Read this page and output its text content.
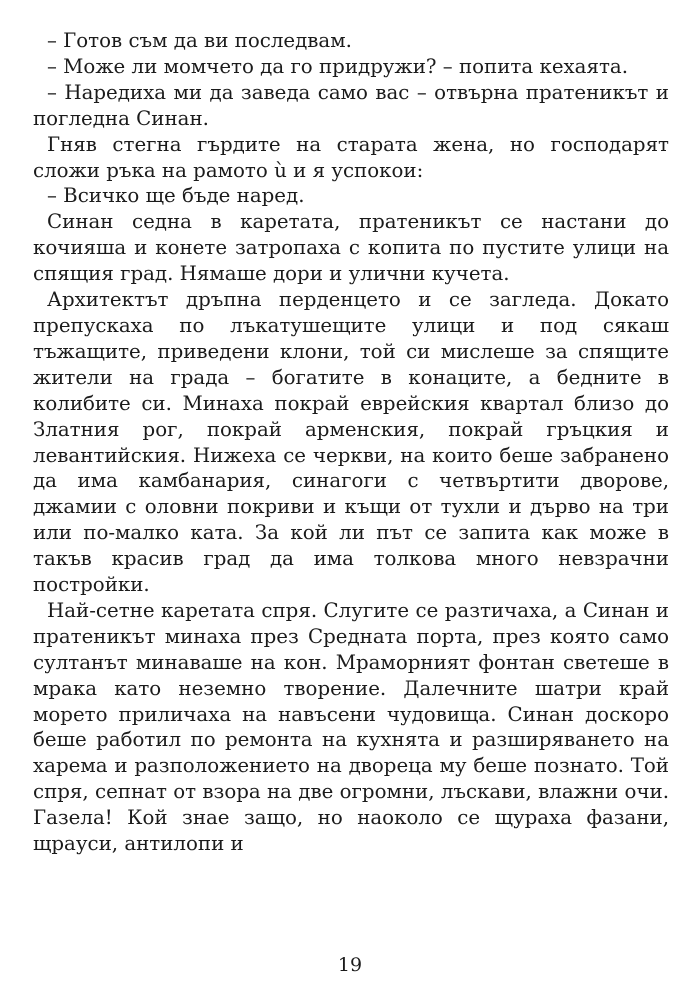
– Готов съм да ви последвам.

– Може ли момчето да го придружи? – попита кехаята.

– Наредиха ми да заведа само вас – отвърна пратеникът и погледна Синан.

Гняв стегна гърдите на старата жена, но господарят сложи ръка на рамото ù и я успокои:

– Всичко ще бъде наред.

Синан седна в каретата, пратеникът се настани до кочияша и конете затропаха с копита по пустите улици на спящия град. Нямаше дори и улични кучета.

Архитектът дръпна перденцето и се загледа. Докато препускаха по лъкатушещите улици и под сякаш тъжащите, приведени клони, той си мислеше за спящите жители на града – богатите в конаците, а бедните в колибите си. Минаха покрай еврейския квартал близо до Златния рог, покрай арменския, покрай гръцкия и левантийския. Нижеха се черкви, на които беше забранено да има камбанария, синагоги с четвъртити дворове, джамии с оловни покриви и къщи от тухли и дърво на три или по-малко ката. За кой ли път се запита как може в такъв красив град да има толкова много невзрачни постройки.

Най-сетне каретата спря. Слугите се разтичаха, а Синан и пратеникът минаха през Средната порта, през която само султанът минаваше на кон. Мраморният фонтан светеше в мрака като неземно творение. Далечните шатри край морето приличаха на навъсени чудовища. Синан доскоро беше работил по ремонта на кухнята и разширяването на харема и разположението на двореца му беше познато. Той спря, сепнат от взора на две огромни, лъскави, влажни очи. Газела! Кой знае защо, но наоколо се щураха фазани, щрауси, антилопи и

19
